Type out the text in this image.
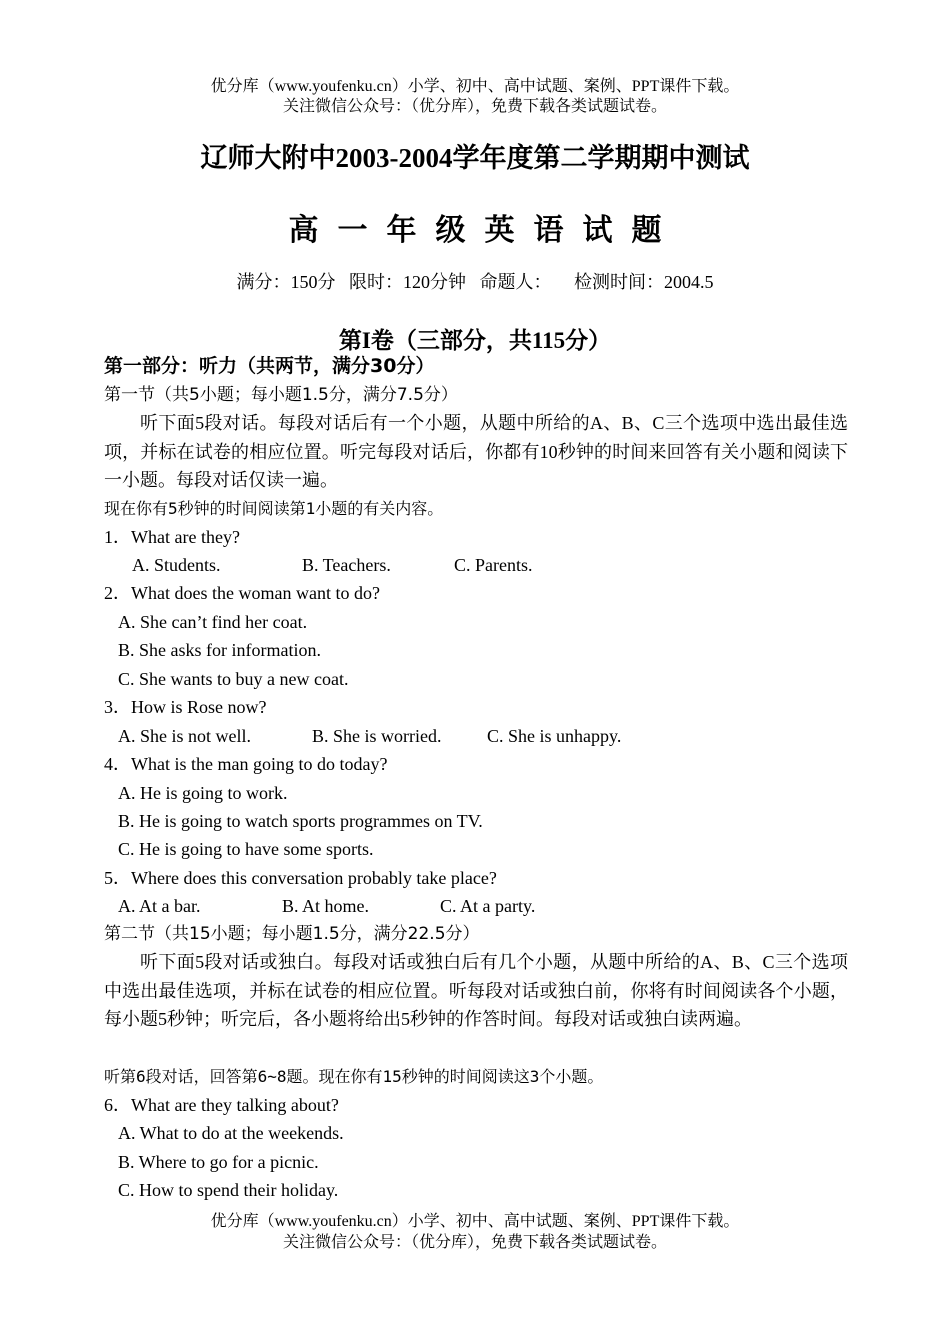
优分库（www.youfenku.cn）小学、初中、高中试题、案例、PPT课件下载。
关注微信公众号：（优分库），免费下载各类试题试卷。
辽师大附中2003-2004学年度第二学期期中测试
高一年级英语试题
满分：150分   限时：120分钟   命题人：     检测时间：2004.5
第I卷（三部分，共115分）
第一部分：听力（共两节，满分30分）
第一节（共5小题；每小题1.5分，满分7.5分）
听下面5段对话。每段对话后有一个小题，从题中所给的A、B、C三个选项中选出最佳选项，并标在试卷的相应位置。听完每段对话后，你都有10秒钟的时间来回答有关小题和阅读下一小题。每段对话仅读一遍。
现在你有5秒钟的时间阅读第1小题的有关内容。
1．What are they?
A. Students.	B. Teachers.	C. Parents.
2．What does the woman want to do?
A. She can’t find her coat.
B. She asks for information.
C. She wants to buy a new coat.
3．How is Rose now?
A. She is not well.	B. She is worried.	C. She is unhappy.
4．What is the man going to do today?
A. He is going to work.
B. He is going to watch sports programmes on TV.
C. He is going to have some sports.
5．Where does this conversation probably take place?
A. At a bar.	B. At home.	C. At a party.
第二节（共15小题；每小题1.5分，满分22.5分）
听下面5段对话或独白。每段对话或独白后有几个小题，从题中所给的A、B、C三个选项中选出最佳选项，并标在试卷的相应位置。听每段对话或独白前，你将有时间阅读各个小题，每小题5秒钟；听完后，各小题将给出5秒钟的作答时间。每段对话或独白读两遍。
听第6段对话，回答第6~8题。现在你有15秒钟的时间阅读这3个小题。
6．What are they talking about?
A. What to do at the weekends.
B. Where to go for a picnic.
C. How to spend their holiday.
优分库（www.youfenku.cn）小学、初中、高中试题、案例、PPT课件下载。
关注微信公众号：（优分库），免费下载各类试题试卷。
